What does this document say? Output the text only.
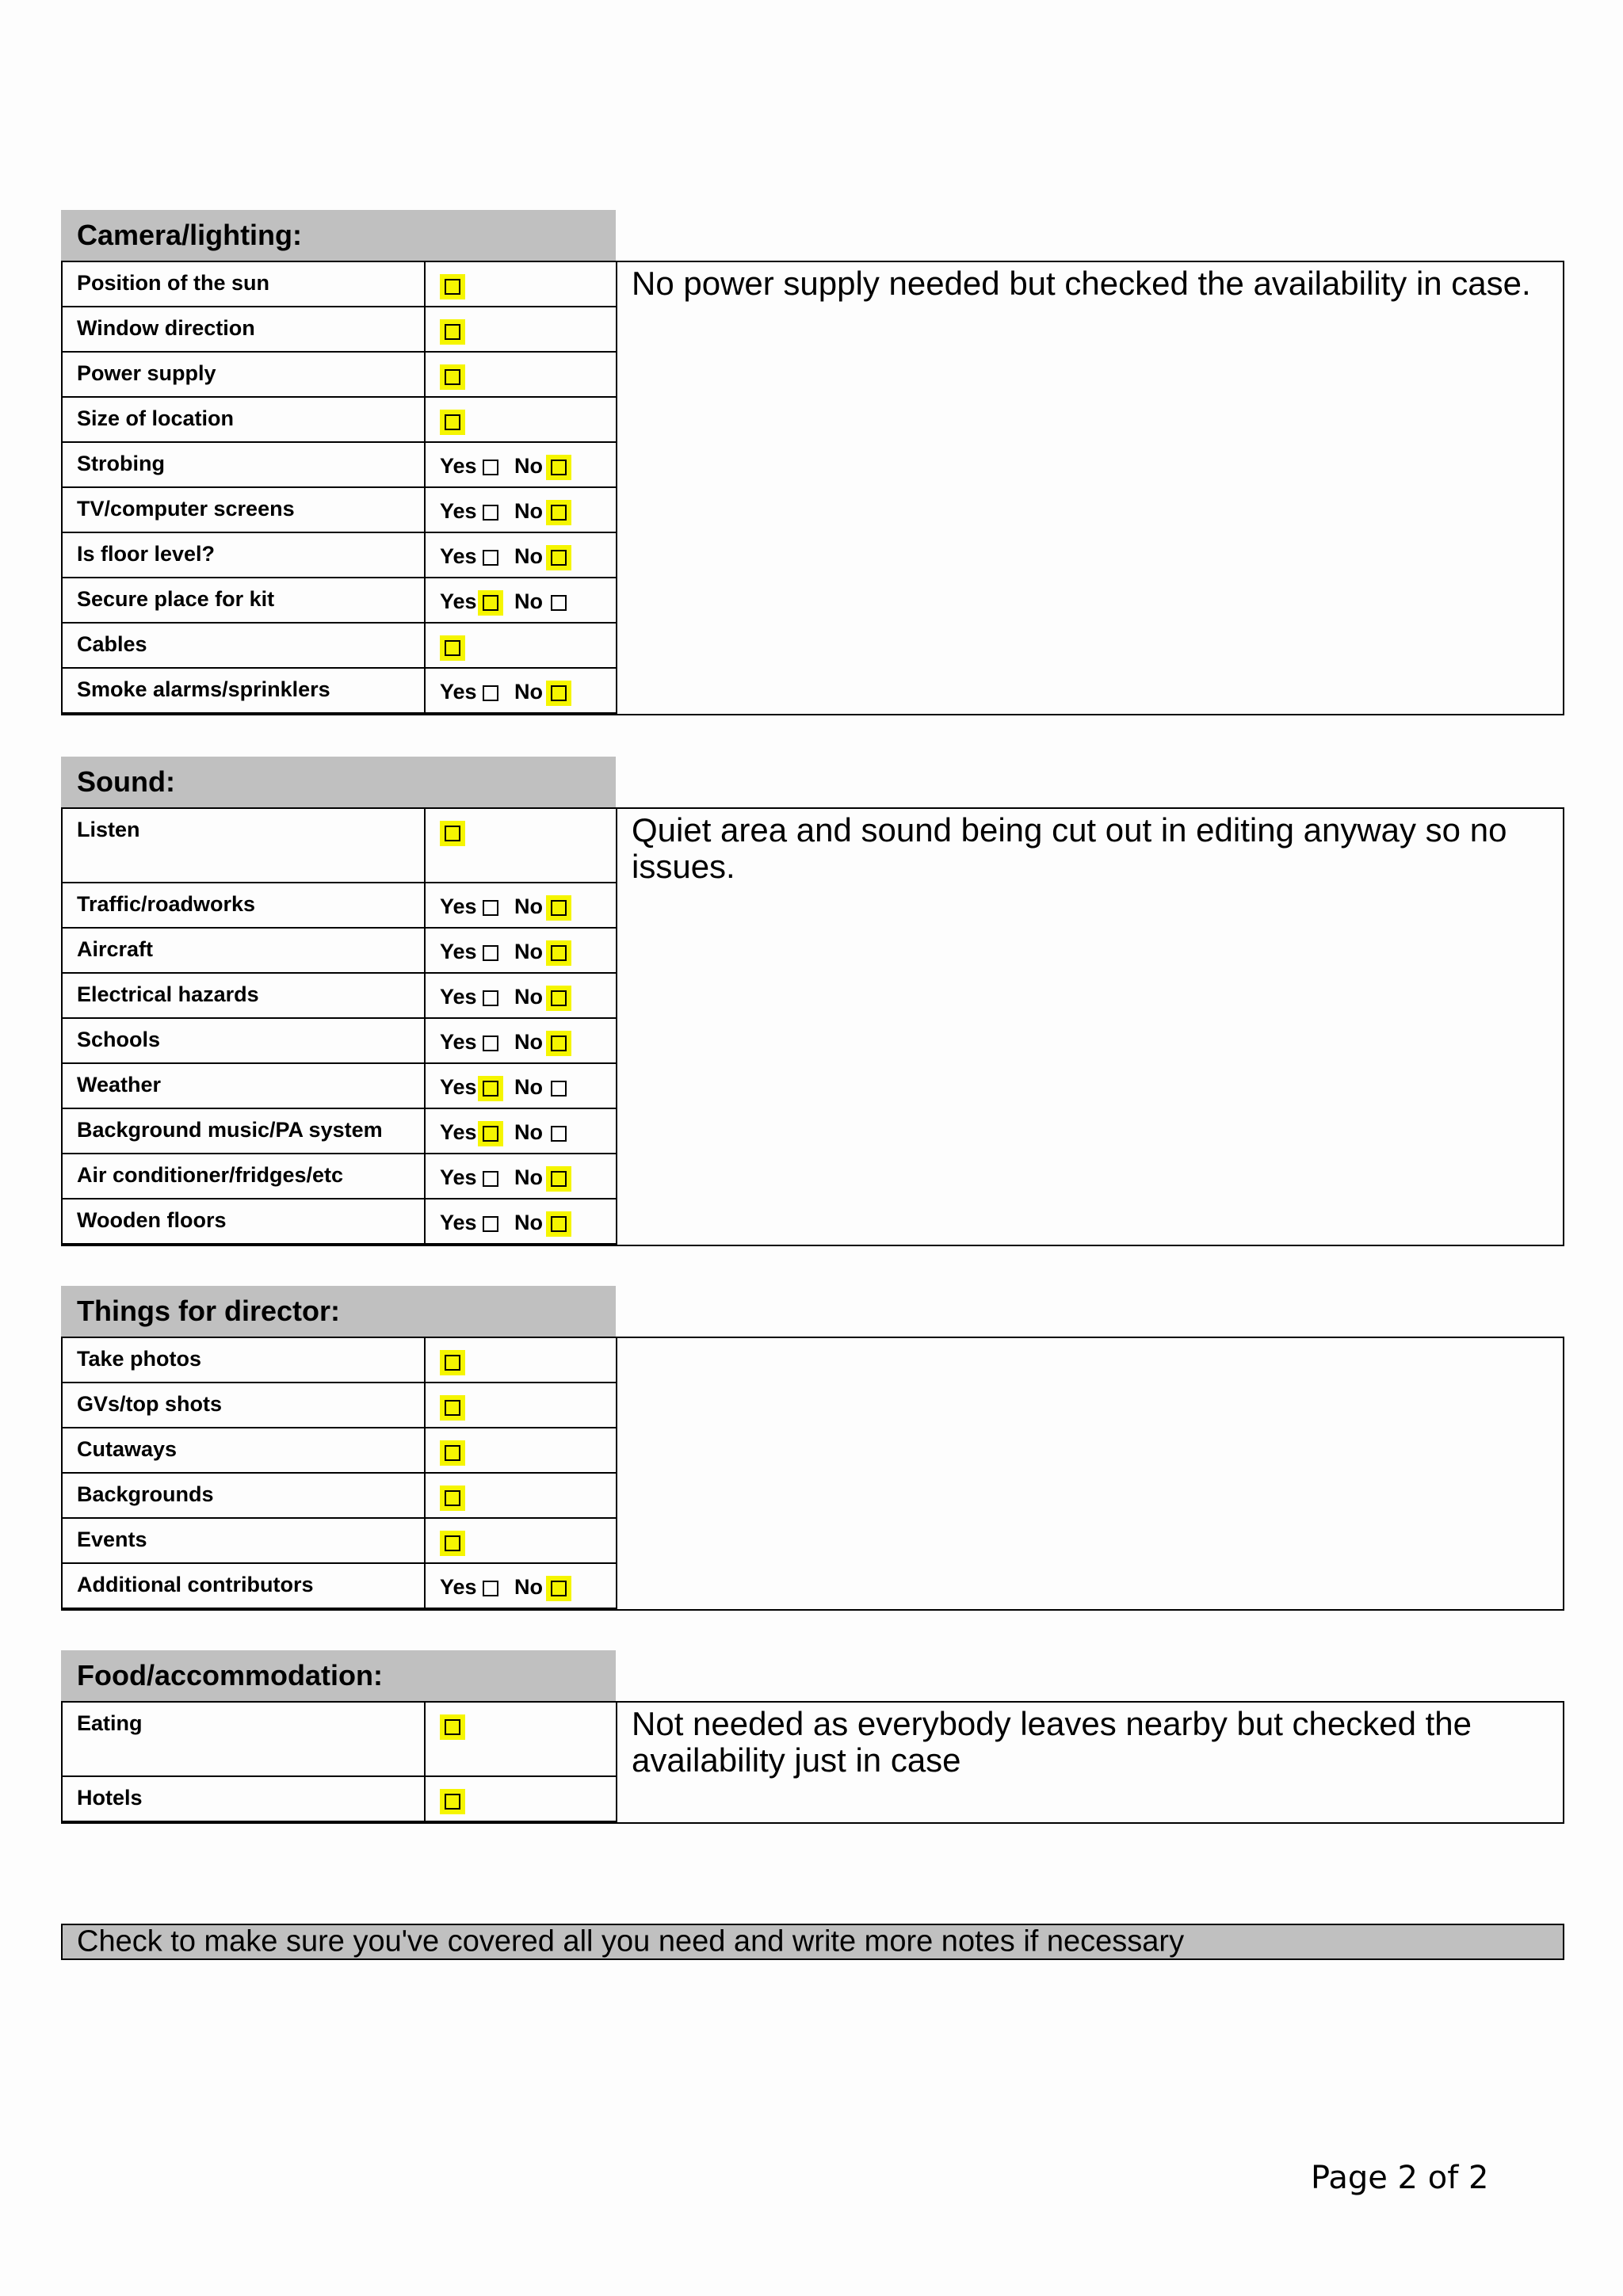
Camera/lighting:
Position of the sun
Window direction
Power supply
Size of location
Strobing	Yes No
TV/computer screens	Yes No
Is floor level?	Yes No
Secure place for kit	Yes No
Cables
Smoke alarms/sprinklers	Yes No
No power supply needed but checked the availability in case.
Sound:
Listen
Traffic/roadworks	Yes No
Aircraft	Yes No
Electrical hazards	Yes No
Schools	Yes No
Weather	Yes No
Background music/PA system	Yes No
Air conditioner/fridges/etc	Yes No
Wooden floors	Yes No
Quiet area and sound being cut out in editing anyway so no issues.
Things for director:
Take photos
GVs/top shots
Cutaways
Backgrounds
Events
Additional contributors	Yes No
Food/accommodation:
Eating
Hotels
Not needed as everybody leaves nearby but checked the availability just in case
Check to make sure you've covered all you need and write more notes if necessary
Page 2 of 2
